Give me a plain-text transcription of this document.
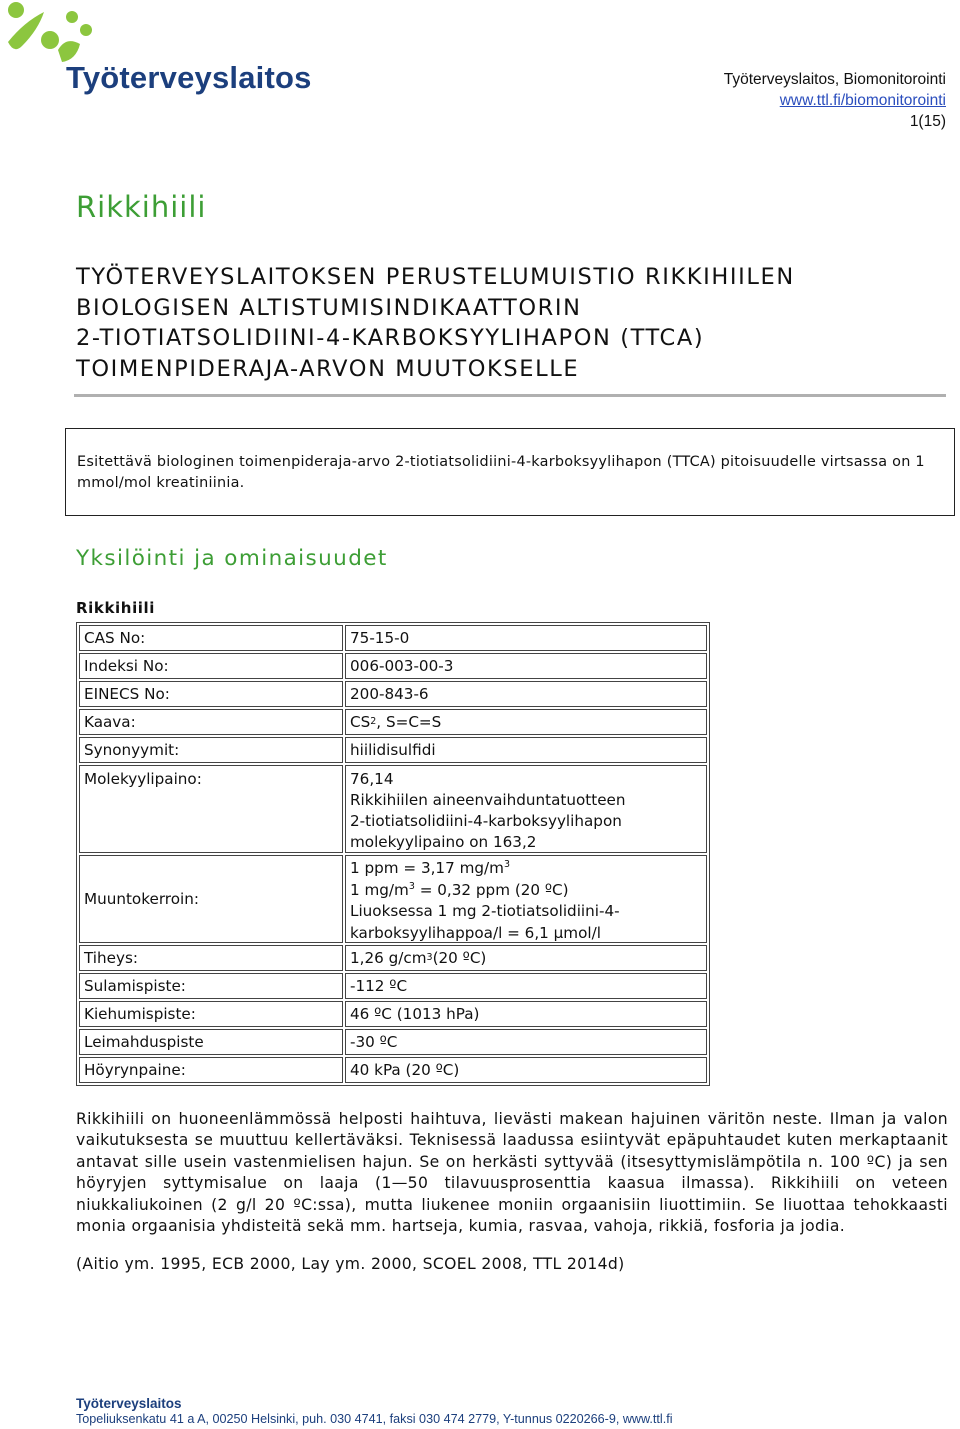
Työterveyslaitos	Työterveyslaitos, Biomonitorointi
www.ttl.fi/biomonitorointi
1(15)
Rikkihiili
TYÖTERVEYSLAITOKSEN PERUSTELUMUISTIO RIKKIHIILEN
BIOLOGISEN ALTISTUMISINDIKAATTORIN
2-TIOTIATSOLIDIINI-4-KARBOKSYYLIHAPON (TTCA)
TOIMENPIDERAJA-ARVON MUUTOKSELLE
Esitettävä biologinen toimenpideraja-arvo 2-tiotiatsolidiini-4-karboksyylihapon (TTCA) pitoisuudelle virtsassa on 1 mmol/mol kreatiniinia.
Yksilöinti ja ominaisuudet
Rikkihiili
CAS No:	75-15-0
Indeksi No:	006-003-00-3
EINECS No:	200-843-6
Kaava:	CS 2 , S=C=S
Synonyymit:	hiilidisulfidi
Molekyylipaino:	76,14
Rikkihiilen aineenvaihduntatuotteen
2-tiotiatsolidiini-4-karboksyylihapon
molekyylipaino on 163,2
Muuntokerroin:
1 ppm = 3,17 $mg/m^3$
1 $mg/m^3 = 0,32$ ppm (20 ºC)
Liuoksessa 1 mg 2-tiotiatsolidiini-4-
karboksyylihappoa/l = 6,1 µmol/l
Tiheys:	1,26 g/cm 3 (20 ºC)
Sulamispiste:	-112 ºC
Kiehumispiste:	46 ºC (1013 hPa)
Leimahduspiste	-30 ºC
Höyrynpaine:	40 kPa (20 ºC)

Rikkihiili on huoneenlämmössä helposti haihtuva, lievästi makean hajuinen väritön neste. Ilman ja valon vaikutuksesta se muuttuu kellertäväksi. Teknisessä laadussa esiintyvät epäpuhtaudet kuten merkaptaanit antavat sille usein vastenmielisen hajun. Se on herkästi syttyvää (itsesyttymislämpötila n. 100 ºC) ja sen höyryjen syttymisalue on laaja (1—50 tilavuusprosenttia kaasua ilmassa). Rikkihiili on veteen niukkaliukoinen (2 g/l 20 ºC:ssa), mutta liukenee moniin orgaanisiin liuottimiin. Se liuottaa tehokkaasti monia orgaanisia yhdisteitä sekä mm. hartseja, kumia, rasvaa, vahoja, rikkiä, fosforia ja jodia.

(Aitio ym. 1995, ECB 2000, Lay ym. 2000, SCOEL 2008, TTL 2014d)

Työterveyslaitos
Topeliuksenkatu 41 a A, 00250 Helsinki, puh. 030 4741, faksi 030 474 2779, Y-tunnus 0220266-9, www.ttl.fi
